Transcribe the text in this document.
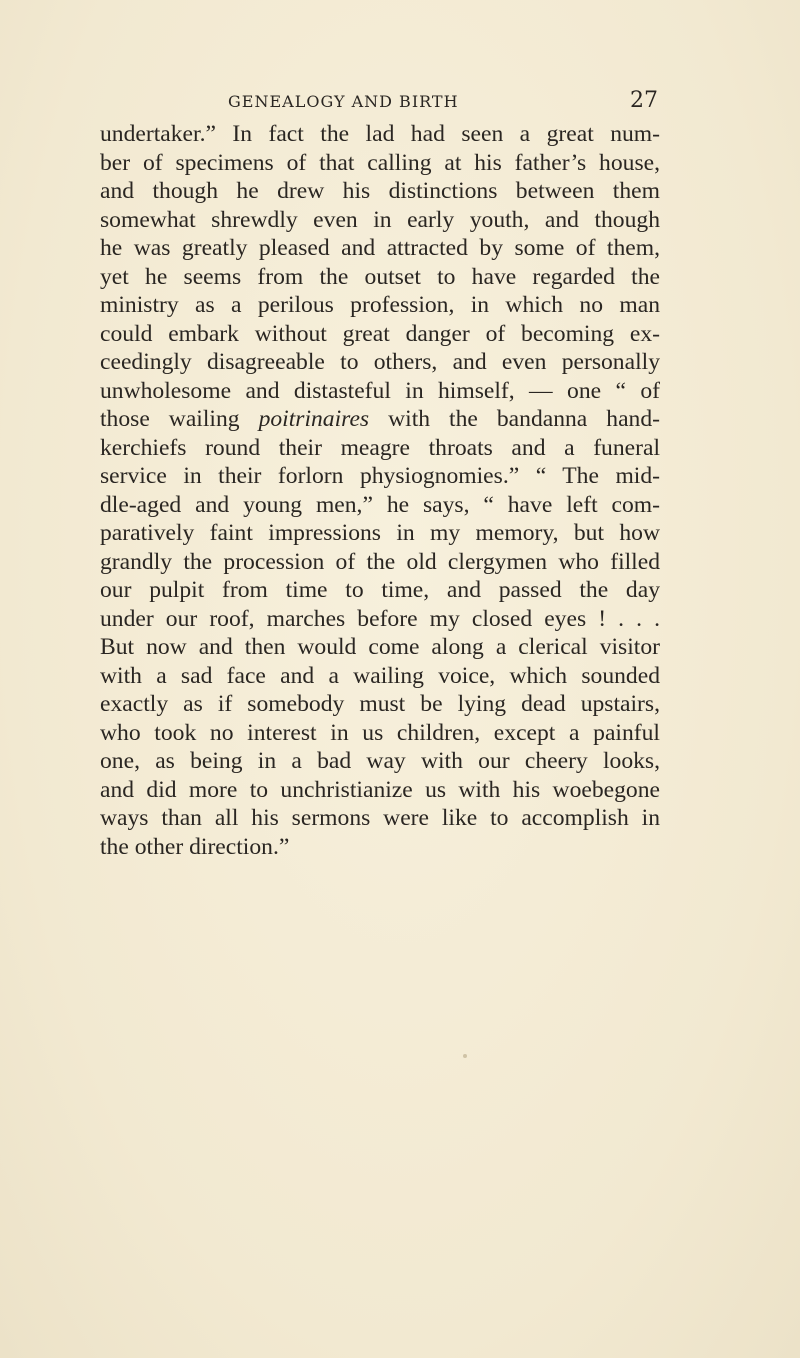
GENEALOGY AND BIRTH	27
undertaker.” In fact the lad had seen a great num-
ber of specimens of that calling at his father’s house,
and though he drew his distinctions between them
somewhat shrewdly even in early youth, and though
he was greatly pleased and attracted by some of them,
yet he seems from the outset to have regarded the
ministry as a perilous profession, in which no man
could embark without great danger of becoming ex-
ceedingly disagreeable to others, and even personally
unwholesome and distasteful in himself, — one “ of
those wailing poitrinaires with the bandanna hand-
kerchiefs round their meagre throats and a funeral
service in their forlorn physiognomies.” “ The mid-
dle-aged and young men,” he says, “ have left com-
paratively faint impressions in my memory, but how
grandly the procession of the old clergymen who filled
our pulpit from time to time, and passed the day
under our roof, marches before my closed eyes ! . . .
But now and then would come along a clerical visitor
with a sad face and a wailing voice, which sounded
exactly as if somebody must be lying dead upstairs,
who took no interest in us children, except a painful
one, as being in a bad way with our cheery looks,
and did more to unchristianize us with his woebegone
ways than all his sermons were like to accomplish in
the other direction.”
